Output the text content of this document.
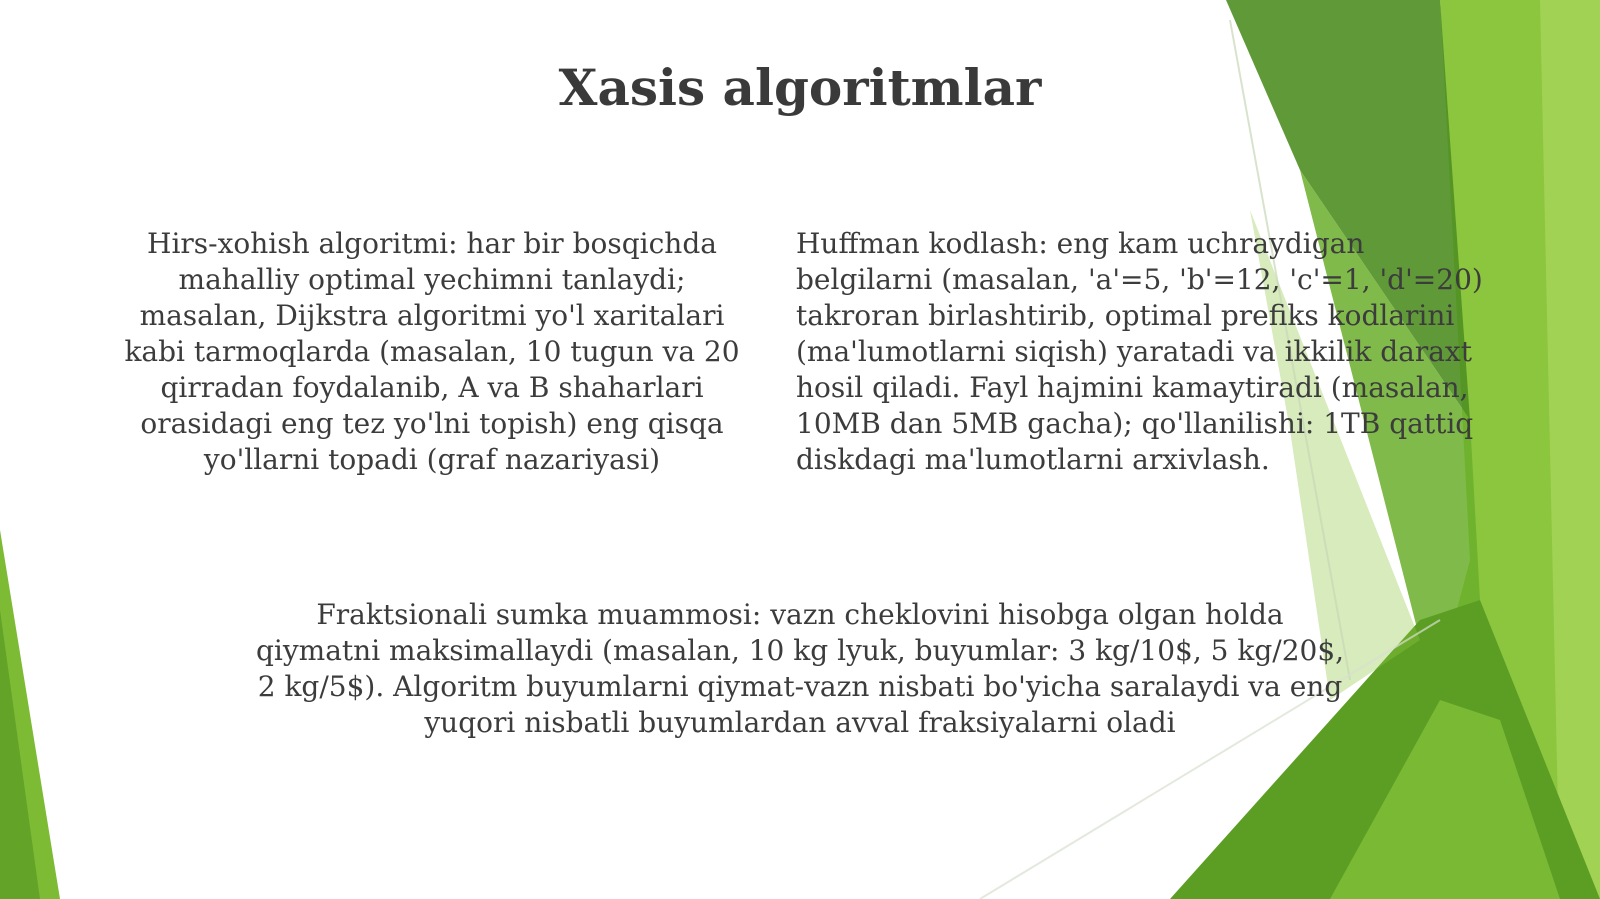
Xasis algoritmlar

Hirs-xohish algoritmi: har bir bosqichda mahalliy optimal yechimni tanlaydi; masalan, Dijkstra algoritmi yo'l xaritalari kabi tarmoqlarda (masalan, 10 tugun va 20 qirradan foydalanib, A va B shaharlari orasidagi eng tez yo'lni topish) eng qisqa yo'llarni topadi (graf nazariyasi)

Huffman kodlash: eng kam uchraydigan belgilarni (masalan, 'a'=5, 'b'=12, 'c'=1, 'd'=20) takroran birlashtirib, optimal prefiks kodlarini (ma'lumotlarni siqish) yaratadi va ikkilik daraxt hosil qiladi. Fayl hajmini kamaytiradi (masalan, 10MB dan 5MB gacha); qo'llanilishi: 1TB qattiq diskdagi ma'lumotlarni arxivlash.

Fraktsionali sumka muammosi: vazn cheklovini hisobga olgan holda qiymatni maksimallaydi (masalan, 10 kg lyuk, buyumlar: 3 kg/10$, 5 kg/20$, 2 kg/5$). Algoritm buyumlarni qiymat-vazn nisbati bo'yicha saralaydi va eng yuqori nisbatli buyumlardan avval fraksiyalarni oladi
